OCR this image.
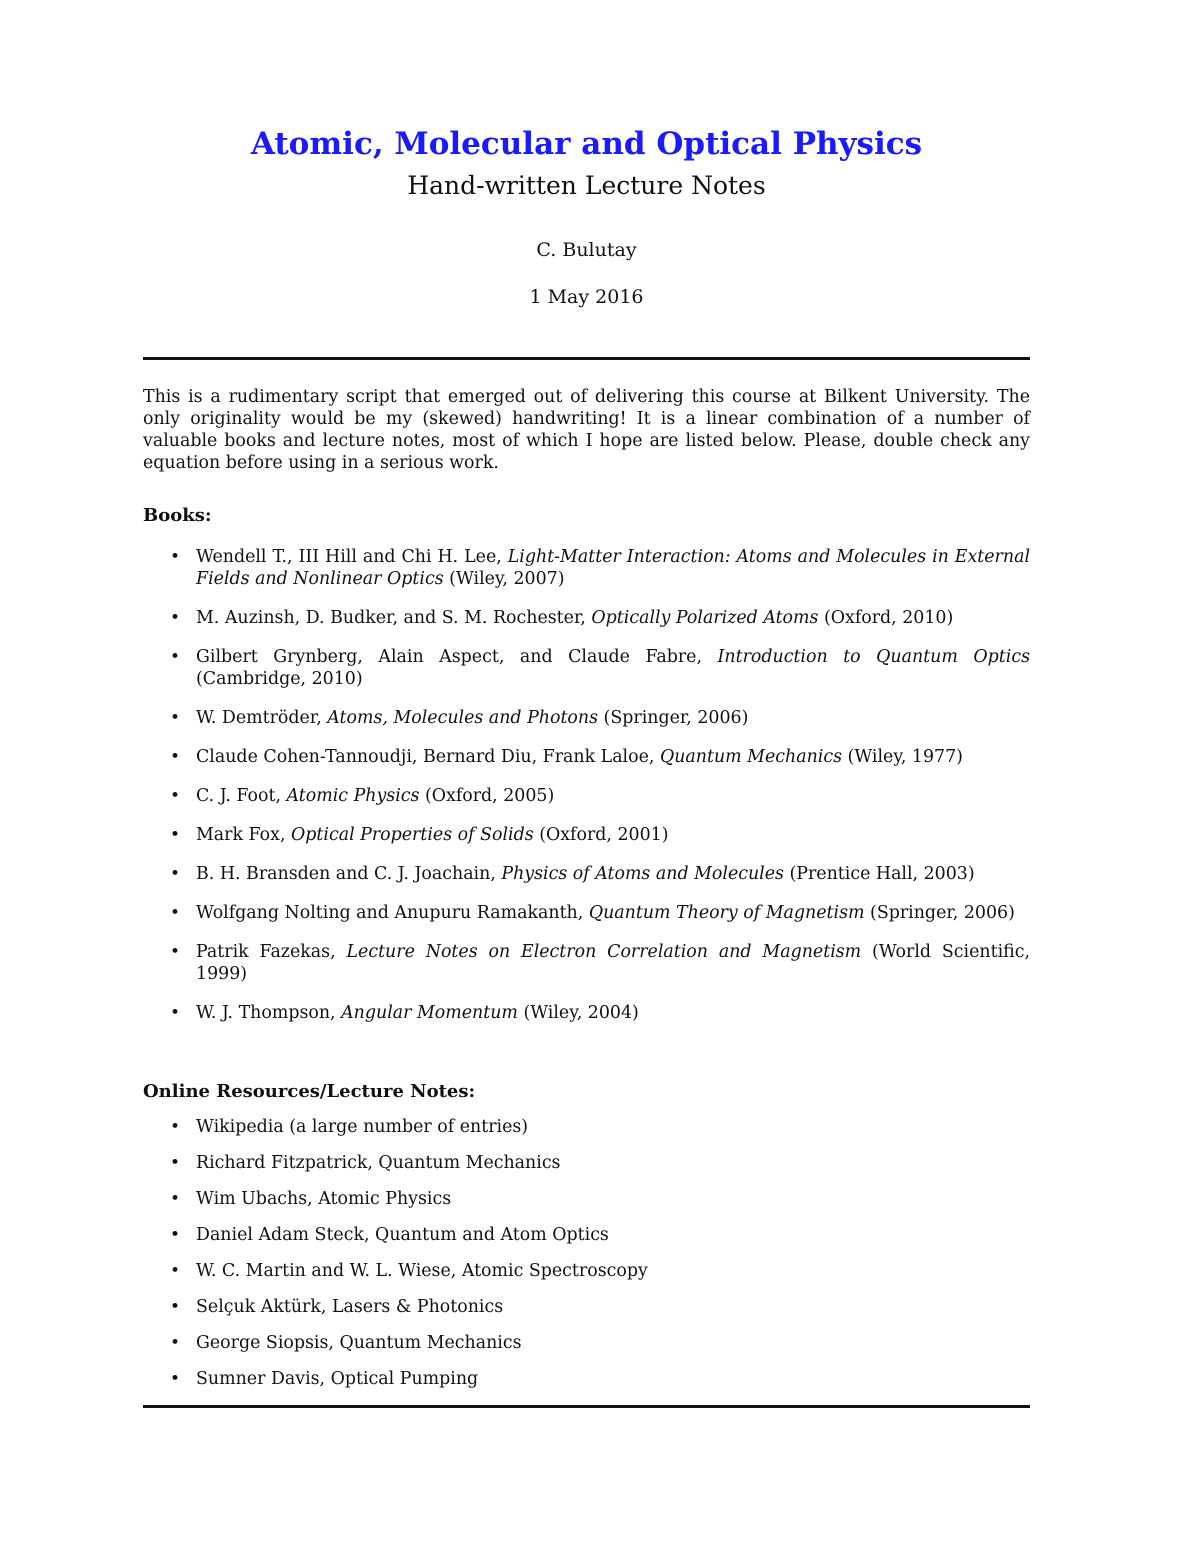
Atomic, Molecular and Optical Physics
Hand-written Lecture Notes
C. Bulutay
1 May 2016

This is a rudimentary script that emerged out of delivering this course at Bilkent University. The only originality would be my (skewed) handwriting! It is a linear combination of a number of valuable books and lecture notes, most of which I hope are listed below. Please, double check any equation before using in a serious work.

Books:
• Wendell T., III Hill and Chi H. Lee, Light-Matter Interaction: Atoms and Molecules in External Fields and Nonlinear Optics (Wiley, 2007)
• M. Auzinsh, D. Budker, and S. M. Rochester, Optically Polarized Atoms (Oxford, 2010)
• Gilbert Grynberg, Alain Aspect, and Claude Fabre, Introduction to Quantum Optics (Cambridge, 2010)
• W. Demtröder, Atoms, Molecules and Photons (Springer, 2006)
• Claude Cohen-Tannoudji, Bernard Diu, Frank Laloe, Quantum Mechanics (Wiley, 1977)
• C. J. Foot, Atomic Physics (Oxford, 2005)
• Mark Fox, Optical Properties of Solids (Oxford, 2001)
• B. H. Bransden and C. J. Joachain, Physics of Atoms and Molecules (Prentice Hall, 2003)
• Wolfgang Nolting and Anupuru Ramakanth, Quantum Theory of Magnetism (Springer, 2006)
• Patrik Fazekas, Lecture Notes on Electron Correlation and Magnetism (World Scientific, 1999)
• W. J. Thompson, Angular Momentum (Wiley, 2004)
Online Resources/Lecture Notes:
• Wikipedia (a large number of entries)
• Richard Fitzpatrick, Quantum Mechanics
• Wim Ubachs, Atomic Physics
• Daniel Adam Steck, Quantum and Atom Optics
• W. C. Martin and W. L. Wiese, Atomic Spectroscopy
• Selçuk Aktürk, Lasers & Photonics
• George Siopsis, Quantum Mechanics
• Sumner Davis, Optical Pumping
